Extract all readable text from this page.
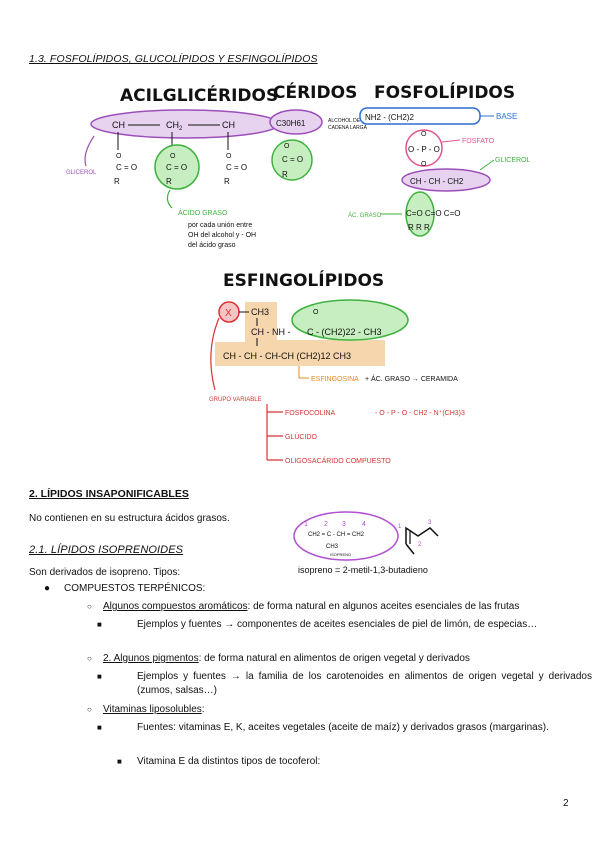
1.3. FOSFOLÍPIDOS, GLUCOLÍPIDOS Y ESFINGOLÍPIDOS
ACILGLICÉRIDOS
CH	$CH_2$	CH
O	O	O
C = O	C = O	C = O
R	R	R
GLICEROL
ÁCIDO GRASO
por cada unión entre
OH del alcohol y - OH
del ácido graso
CÉRIDOS
C30H61	ALCOHOL DE
CADENA LARGA
O
C = O
R
FOSFOLÍPIDOS
NH2 - (CH2)2	BASE
O
O - P - O
O
FOSFATO
CH - CH - CH2
GLICEROL
C=O C=O C=O
R R R
ÁC. GRASO
ESFINGOLÍPIDOS
X CH3
CH - NH -
O
C - (CH2)22 - CH3
CH - CH - CH-CH (CH2)12 CH3
ESFINGOSINA + ÁC. GRASO → CERAMIDA
GRUPO VARIABLE
FOSFOCOLINA	- O - P - O - CH2 - N⁺(CH3)3
GLÚCIDO
OLIGOSACÁRIDO COMPUESTO
2. LÍPIDOS INSAPONIFICABLES
No contienen en su estructura ácidos grasos.
1 2 3 4
CH2 = C - CH = CH2
CH3
ISOPRENO
1
2
3
isopreno = 2-metil-1,3-butadieno
2.1. LÍPIDOS ISOPRENOIDES
Son derivados de isopreno. Tipos:
● COMPUESTOS TERPÉNICOS:
○ Algunos compuestos aromáticos: de forma natural en algunos aceites esenciales de las frutas
■	Ejemplos y fuentes → componentes de aceites esenciales de piel de limón, de especias…
○ 2. Algunos pigmentos: de forma natural en alimentos de origen vegetal y derivados
■	Ejemplos y fuentes → la familia de los carotenoides en alimentos de origen vegetal y derivados (zumos, salsas…)
○ Vitaminas liposolubles:
■	Fuentes: vitaminas E, K, aceites vegetales (aceite de maíz) y derivados grasos (margarinas).
■ Vitamina E da distintos tipos de tocoferol:
2
